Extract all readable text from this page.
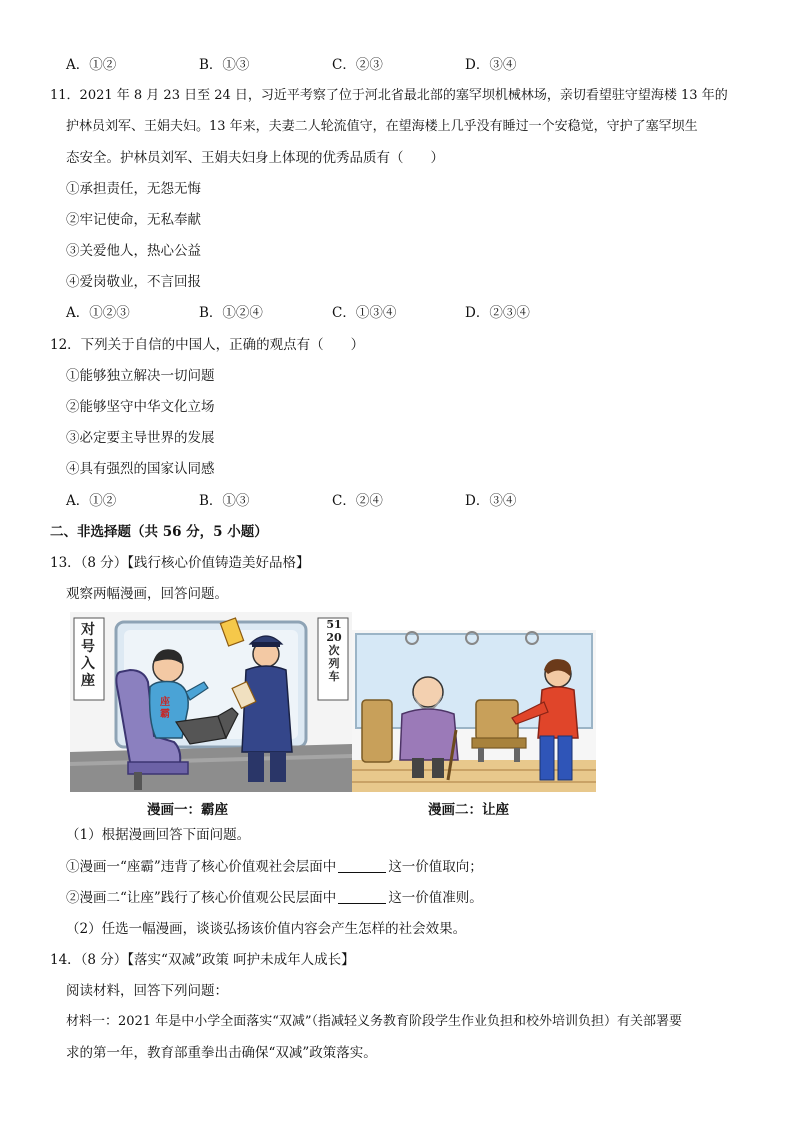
A．①②	B．①③	C．②③	D．③④
11．2021 年 8 月 23 日至 24 日，习近平考察了位于河北省最北部的塞罕坝机械林场，亲切看望驻守望海楼 13 年的
护林员刘军、王娟夫妇。13 年来，夫妻二人轮流值守，在望海楼上几乎没有睡过一个安稳觉，守护了塞罕坝生
态安全。护林员刘军、王娟夫妇身上体现的优秀品质有（　　）
①承担责任，无怨无悔
②牢记使命，无私奉献
③关爱他人，热心公益
④爱岗敬业，不言回报
A．①②③	B．①②④	C．①③④	D．②③④
12．下列关于自信的中国人，正确的观点有（　　）
①能够独立解决一切问题
②能够坚守中华文化立场
③必定要主导世界的发展
④具有强烈的国家认同感
A．①②	B．①③	C．②④	D．③④
二、非选择题（共 56 分，5 小题）
13．（8 分）【践行核心价值铸造美好品格】
观察两幅漫画，回答问题。
对号入座
5120次列车
座霸
漫画一：霸座	漫画二：让座
（1）根据漫画回答下面问题。
①漫画一“座霸”违背了核心价值观社会层面中	这一价值取向；
②漫画二“让座”践行了核心价值观公民层面中	这一价值准则。
（2）任选一幅漫画，谈谈弘扬该价值内容会产生怎样的社会效果。
14．（8 分）【落实“双减”政策 呵护未成年人成长】
阅读材料，回答下列问题：
材料一：2021 年是中小学全面落实“双减”（指减轻义务教育阶段学生作业负担和校外培训负担）有关部署要
求的第一年，教育部重拳出击确保“双减”政策落实。
